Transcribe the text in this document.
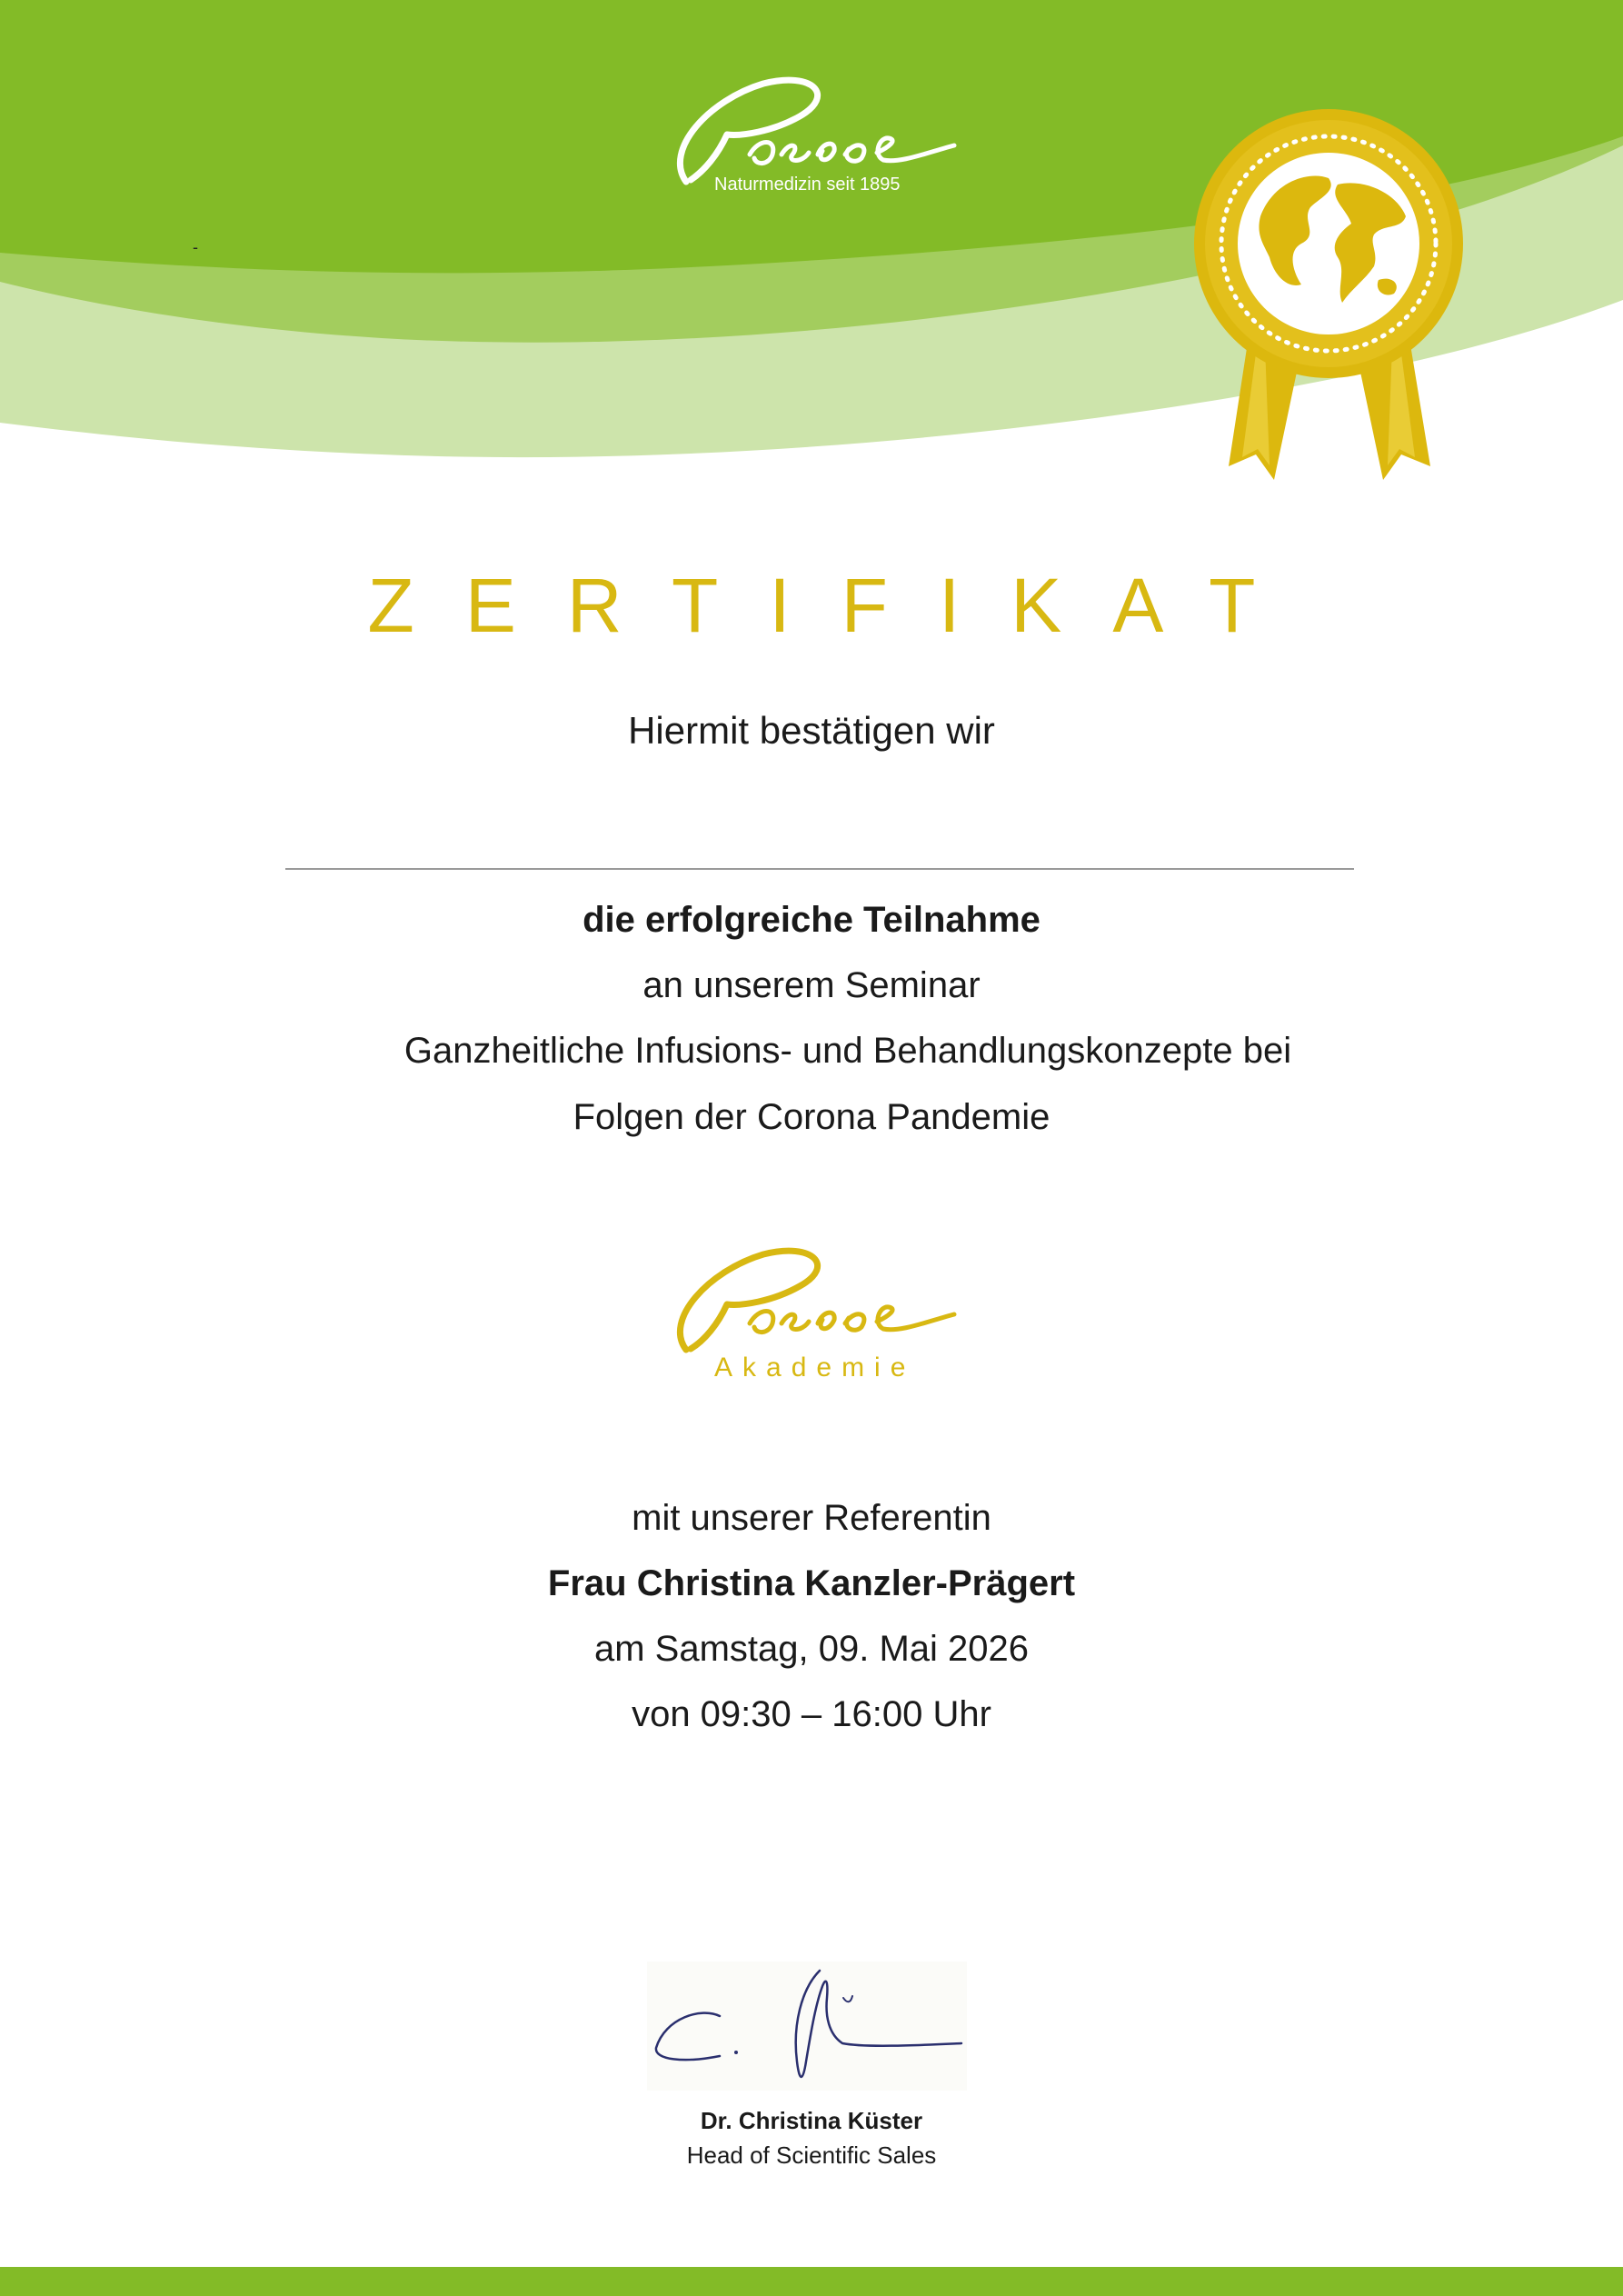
Naturmedizin seit 1895
-
ZERTIFIKAT
Hiermit bestätigen wir
die erfolgreiche Teilnahme
an unserem Seminar
Ganzheitliche Infusions- und Behandlungskonzepte bei
Folgen der Corona Pandemie
Akademie
mit unserer Referentin
Frau Christina Kanzler-Prägert
am Samstag, 09. Mai 2026
von 09:30 – 16:00 Uhr
Dr. Christina Küster
Head of Scientific Sales
